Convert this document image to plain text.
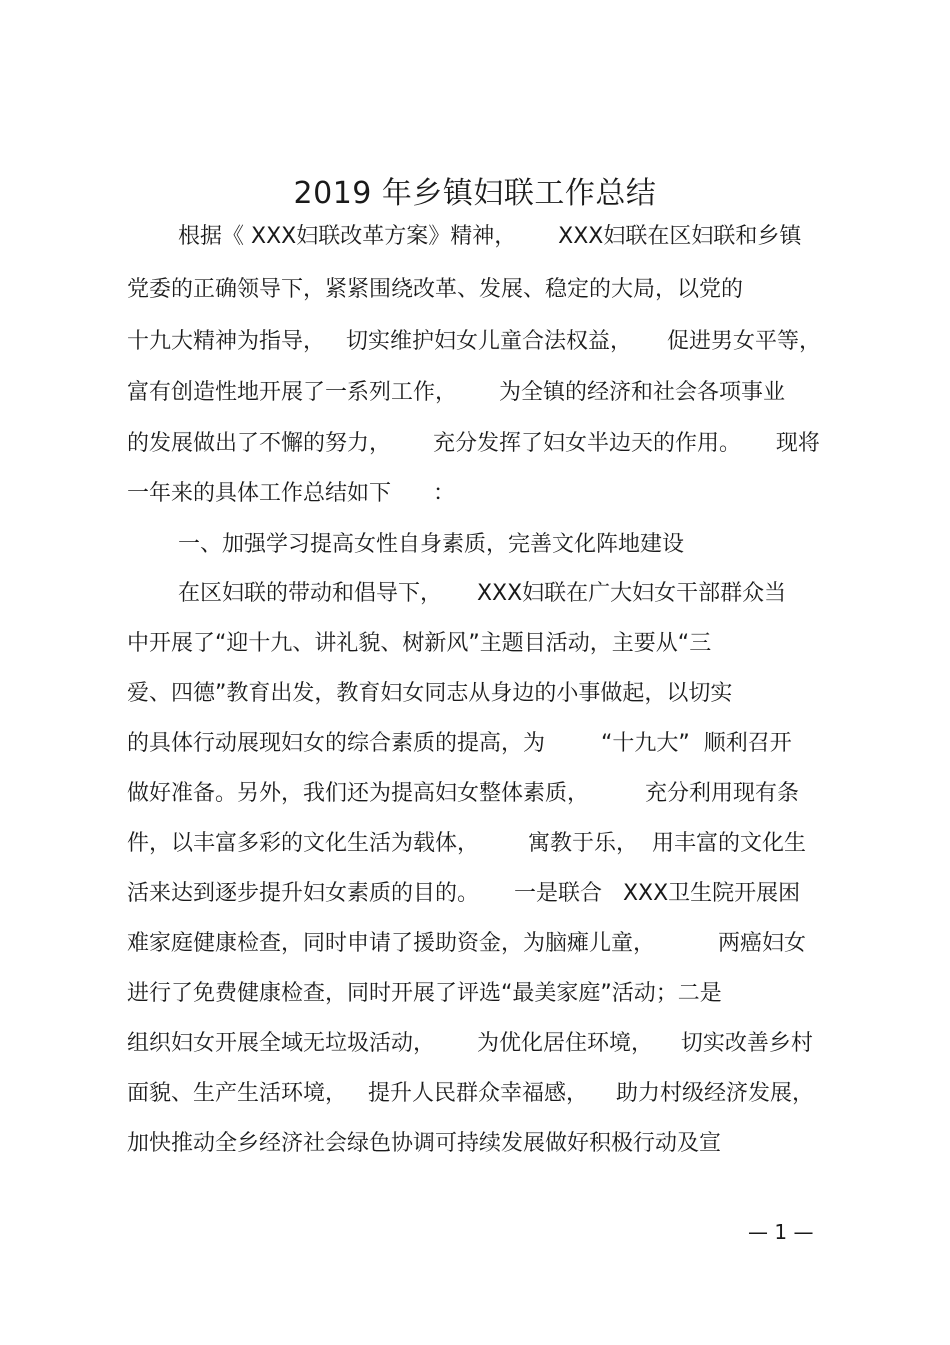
2019 年乡镇妇联工作总结
根据《 XXX妇联改革方案》精神，      XXX妇联在区妇联和乡镇
党委的正确领导下，紧紧围绕改革、发展、稳定的大局，以党的
十九大精神为指导，   切实维护妇女儿童合法权益，     促进男女平等，
富有创造性地开展了一系列工作，      为全镇的经济和社会各项事业
的发展做出了不懈的努力，      充分发挥了妇女半边天的作用。     现将
一年来的具体工作总结如下      ：
一、加强学习提高女性自身素质，完善文化阵地建设
在区妇联的带动和倡导下，     XXX妇联在广大妇女干部群众当
中开展了“迎十九、讲礼貌、树新风”主题目活动，主要从“三
爱、四德”教育出发，教育妇女同志从身边的小事做起，以切实
的具体行动展现妇女的综合素质的提高，为        “十九大”  顺利召开
做好准备。另外，我们还为提高妇女整体素质，        充分利用现有条
件，以丰富多彩的文化生活为载体，       寓教于乐，  用丰富的文化生
活来达到逐步提升妇女素质的目的。     一是联合   XXX卫生院开展困
难家庭健康检查，同时申请了援助资金，为脑瘫儿童，         两癌妇女
进行了免费健康检查，同时开展了评选“最美家庭”活动；二是
组织妇女开展全域无垃圾活动，      为优化居住环境，    切实改善乡村
面貌、生产生活环境，   提升人民群众幸福感，    助力村级经济发展，
加快推动全乡经济社会绿色协调可持续发展做好积极行动及宣
— 1 —
